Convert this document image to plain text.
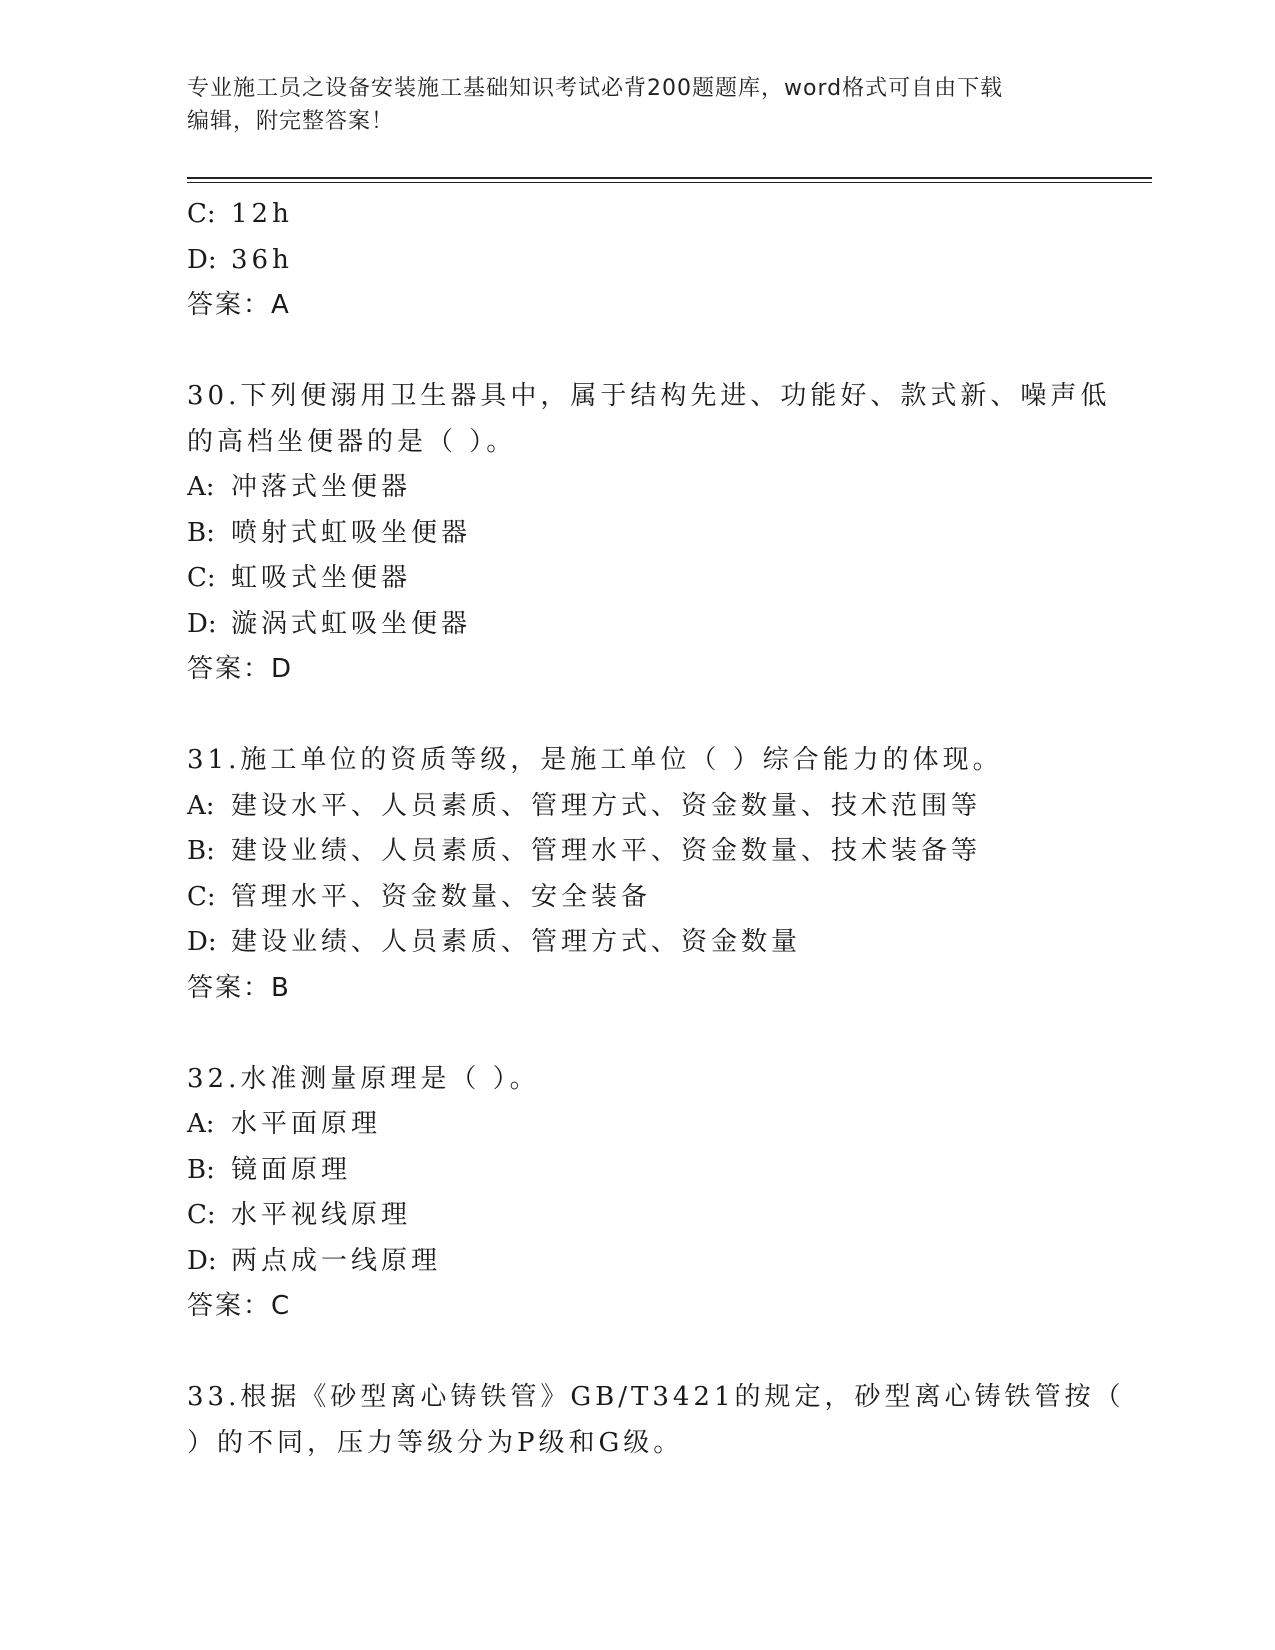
专业施工员之设备安装施工基础知识考试必背200题题库，word格式可自由下载
编辑，附完整答案！
C: 12h
D: 36h
答案：A
30.下列便溺用卫生器具中，属于结构先进、功能好、款式新、噪声低
的高档坐便器的是（ ）。
A: 冲落式坐便器
B: 喷射式虹吸坐便器
C: 虹吸式坐便器
D: 漩涡式虹吸坐便器
答案：D
31.施工单位的资质等级，是施工单位（ ）综合能力的体现。
A: 建设水平、人员素质、管理方式、资金数量、技术范围等
B: 建设业绩、人员素质、管理水平、资金数量、技术装备等
C: 管理水平、资金数量、安全装备
D: 建设业绩、人员素质、管理方式、资金数量
答案：B
32.水准测量原理是（ ）。
A: 水平面原理
B: 镜面原理
C: 水平视线原理
D: 两点成一线原理
答案：C
33.根据《砂型离心铸铁管》GB/T3421的规定，砂型离心铸铁管按（
）的不同，压力等级分为P级和G级。
